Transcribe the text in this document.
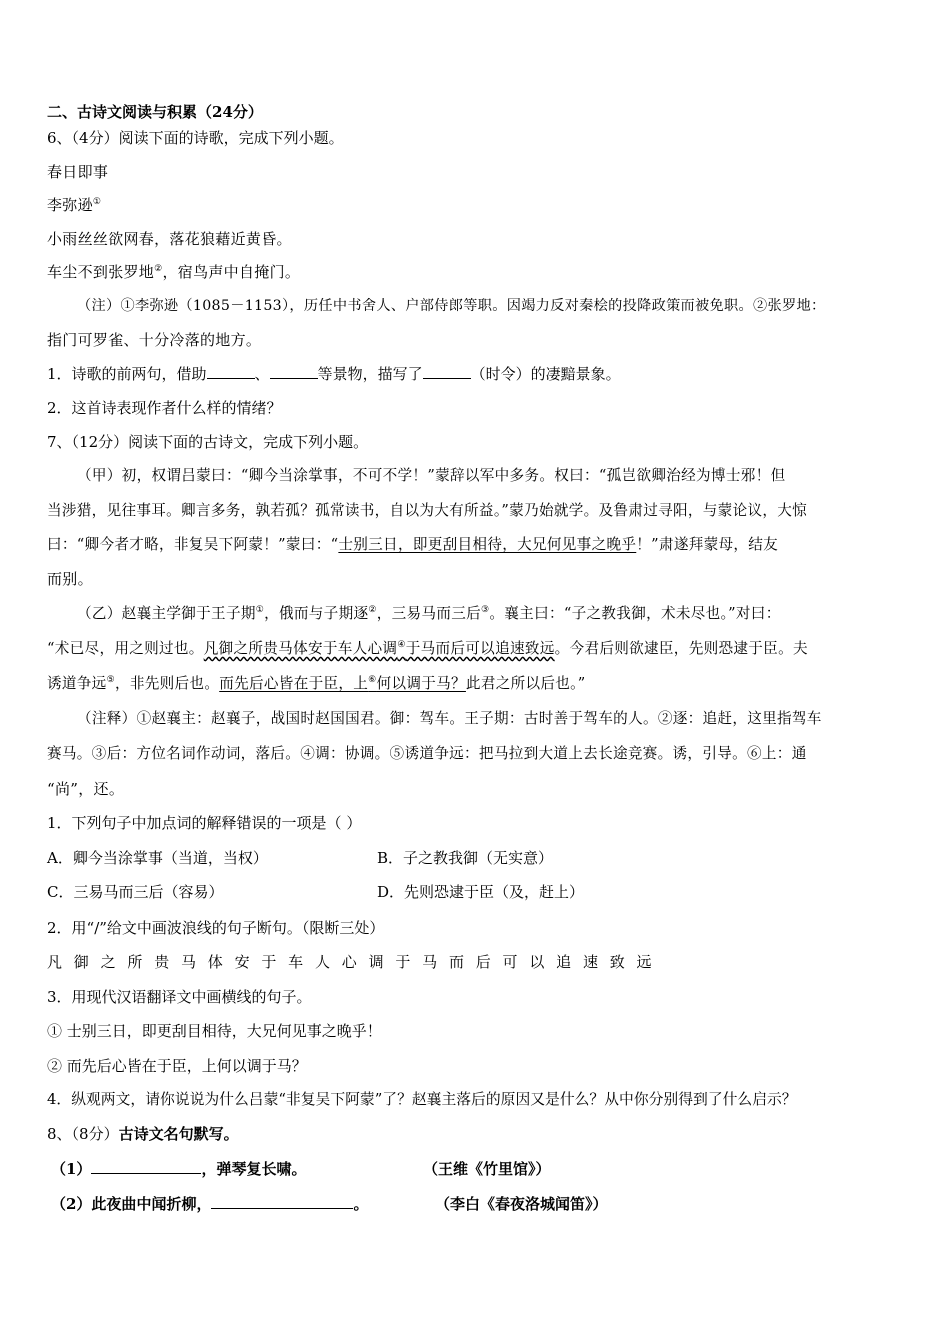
二、古诗文阅读与积累（24分）
6、（4分）阅读下面的诗歌，完成下列小题。
春日即事
李弥逊①
小雨丝丝欲网春，落花狼藉近黄昏。
车尘不到张罗地②，宿鸟声中自掩门。
（注）①李弥逊（1085－1153），历任中书舍人、户部侍郎等职。因竭力反对秦桧的投降政策而被免职。②张罗地：
指门可罗雀、十分冷落的地方。
1．诗歌的前两句，借助	、	等景物，描写了	（时令）的凄黯景象。
2．这首诗表现作者什么样的情绪？
7、（12分）阅读下面的古诗文，完成下列小题。
（甲）初，权谓吕蒙曰：“卿今当涂掌事，不可不学！”蒙辞以军中多务。权曰：“孤岂欲卿治经为博士邪！但
当涉猎，见往事耳。卿言多务，孰若孤？孤常读书，自以为大有所益。”蒙乃始就学。及鲁肃过寻阳，与蒙论议，大惊
曰：“卿今者才略，非复吴下阿蒙！”蒙曰：“士别三日，即更刮目相待，大兄何见事之晚乎！”肃遂拜蒙母，结友
而别。
（乙）赵襄主学御于王子期①，俄而与子期逐②，三易马而三后③。襄主曰：“子之教我御，术未尽也。”对曰：
“术已尽，用之则过也。凡御之所贵马体安于车人心调④于马而后可以追速致远。今君后则欲逮臣，先则恐逮于臣。夫
诱道争远⑤，非先则后也。而先后心皆在于臣，上⑥何以调于马？此君之所以后也。”
（注释）①赵襄主：赵襄子，战国时赵国国君。御：驾车。王子期：古时善于驾车的人。②逐：追赶，这里指驾车
赛马。③后：方位名词作动词，落后。④调：协调。⑤诱道争远：把马拉到大道上去长途竞赛。诱，引导。⑥上：通
“尚”，还。
1．下列句子中加点词的解释错误的一项是（ ）
A．卿今当涂掌事（当道，当权）	B．子之教我御（无实意）
C．三易马而三后（容易）	D．先则恐逮于臣（及，赶上）
2．用“/”给文中画波浪线的句子断句。（限断三处）
凡 御 之 所 贵 马 体 安 于 车 人 心 调 于 马 而 后 可 以 追 速 致 远
3．用现代汉语翻译文中画横线的句子。
① 士别三日，即更刮目相待，大兄何见事之晚乎！
② 而先后心皆在于臣，上何以调于马？
4．纵观两文，请你说说为什么吕蒙“非复吴下阿蒙”了？赵襄主落后的原因又是什么？从中你分别得到了什么启示？
8、（8分）古诗文名句默写。
（1）	，弹琴复长啸。	（王维《竹里馆》）
（2）此夜曲中闻折柳，	。	（李白《春夜洛城闻笛》）
